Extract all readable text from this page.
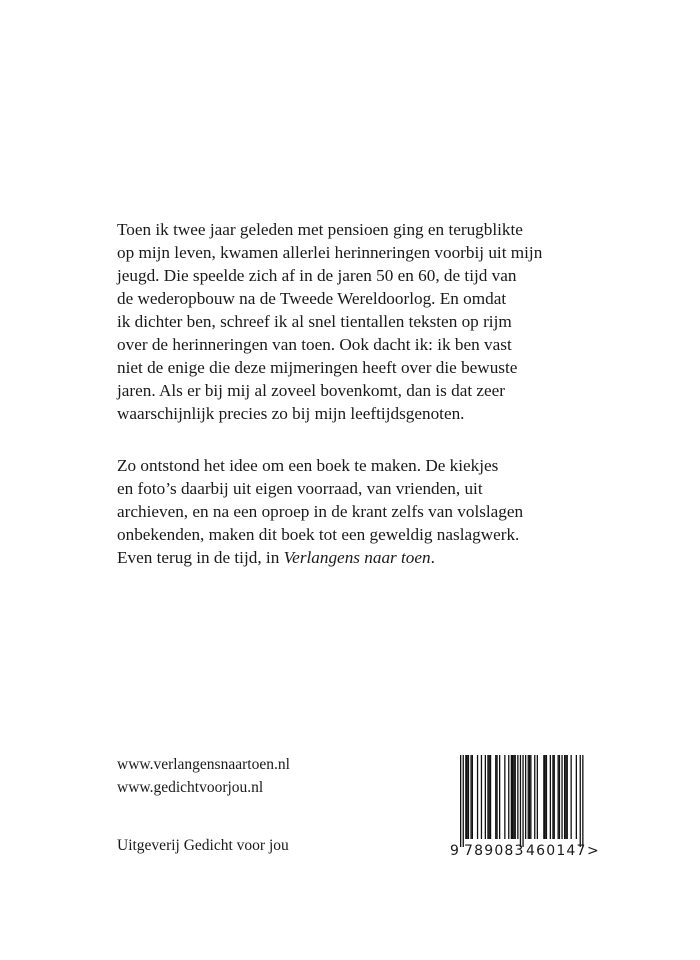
Toen ik twee jaar geleden met pensioen ging en terugblikte
op mijn leven, kwamen allerlei herinneringen voorbij uit mijn
jeugd. Die speelde zich af in de jaren 50 en 60, de tijd van
de wederopbouw na de Tweede Wereldoorlog. En omdat
ik dichter ben, schreef ik al snel tientallen teksten op rijm
over de herinneringen van toen. Ook dacht ik: ik ben vast
niet de enige die deze mijmeringen heeft over die bewuste
jaren. Als er bij mij al zoveel bovenkomt, dan is dat zeer
waarschijnlijk precies zo bij mijn leeftijdsgenoten.
Zo ontstond het idee om een boek te maken. De kiekjes
en foto’s daarbij uit eigen voorraad, van vrienden, uit
archieven, en na een oproep in de krant zelfs van volslagen
onbekenden, maken dit boek tot een geweldig naslagwerk.
Even terug in de tijd, in Verlangens naar toen.
www.verlangensnaartoen.nl
www.gedichtvoorjou.nl
Uitgeverij Gedicht voor jou	9 789083 460147 >
